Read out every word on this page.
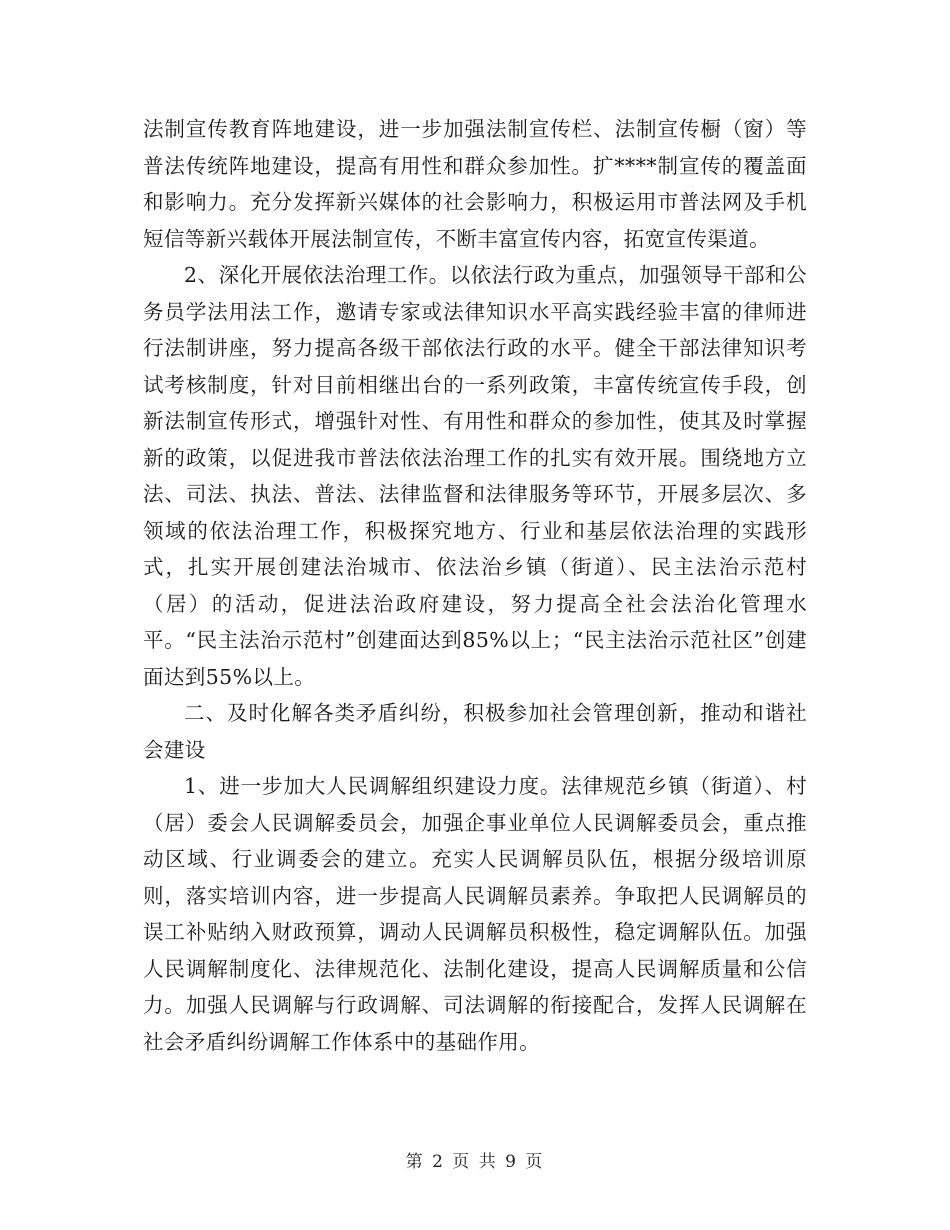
法制宣传教育阵地建设，进一步加强法制宣传栏、法制宣传橱（窗）等普法传统阵地建设，提高有用性和群众参加性。扩****制宣传的覆盖面和影响力。充分发挥新兴媒体的社会影响力，积极运用市普法网及手机短信等新兴载体开展法制宣传，不断丰富宣传内容，拓宽宣传渠道。

2、深化开展依法治理工作。以依法行政为重点，加强领导干部和公务员学法用法工作，邀请专家或法律知识水平高实践经验丰富的律师进行法制讲座，努力提高各级干部依法行政的水平。健全干部法律知识考试考核制度，针对目前相继出台的一系列政策，丰富传统宣传手段，创新法制宣传形式，增强针对性、有用性和群众的参加性，使其及时掌握新的政策，以促进我市普法依法治理工作的扎实有效开展。围绕地方立法、司法、执法、普法、法律监督和法律服务等环节，开展多层次、多领域的依法治理工作，积极探究地方、行业和基层依法治理的实践形式，扎实开展创建法治城市、依法治乡镇（街道）、民主法治示范村（居）的活动，促进法治政府建设，努力提高全社会法治化管理水平。“民主法治示范村”创建面达到85%以上；“民主法治示范社区”创建面达到55%以上。

二、及时化解各类矛盾纠纷，积极参加社会管理创新，推动和谐社会建设

1、进一步加大人民调解组织建设力度。法律规范乡镇（街道）、村（居）委会人民调解委员会，加强企事业单位人民调解委员会，重点推动区域、行业调委会的建立。充实人民调解员队伍，根据分级培训原则，落实培训内容，进一步提高人民调解员素养。争取把人民调解员的误工补贴纳入财政预算，调动人民调解员积极性，稳定调解队伍。加强人民调解制度化、法律规范化、法制化建设，提高人民调解质量和公信力。加强人民调解与行政调解、司法调解的衔接配合，发挥人民调解在社会矛盾纠纷调解工作体系中的基础作用。

第 2 页 共 9 页
